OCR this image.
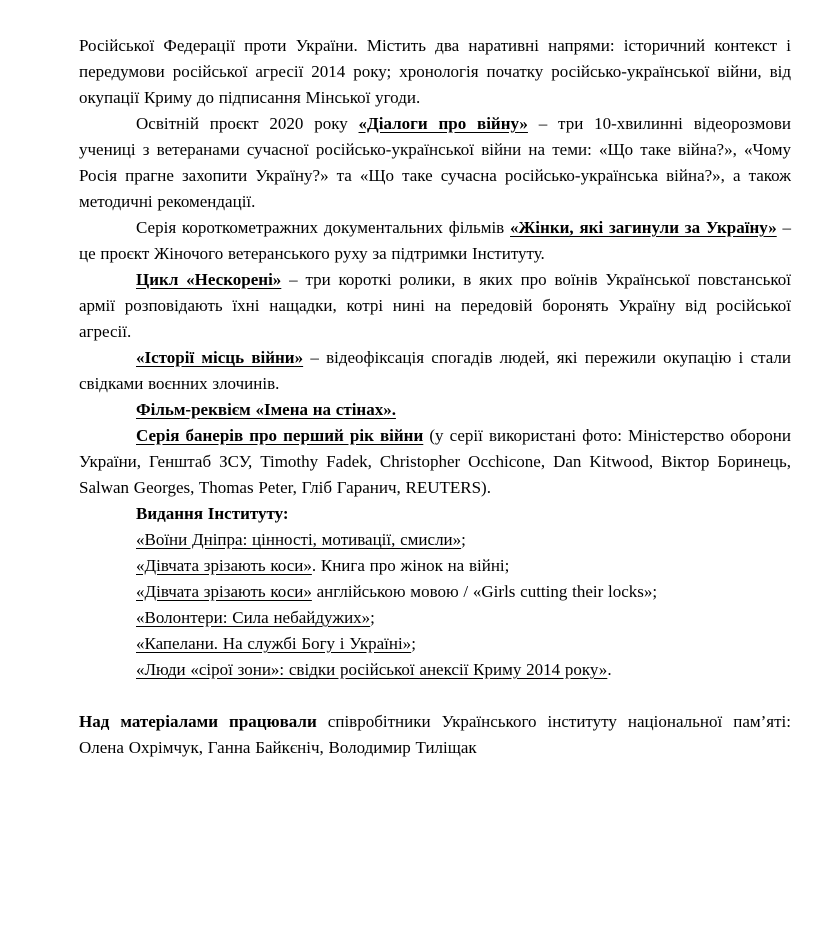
Російської Федерації проти України. Містить два наративні напрями: історичний контекст і передумови російської агресії 2014 року; хронологія початку російсько-української війни, від окупації Криму до підписання Мінської угоди.

Освітній проєкт 2020 року «Діалоги про війну» – три 10-хвилинні відеорозмови учениці з ветеранами сучасної російсько-української війни на теми: «Що таке війна?», «Чому Росія прагне захопити Україну?» та «Що таке сучасна російсько-українська війна?», а також методичні рекомендації.

Серія короткометражних документальних фільмів «Жінки, які загинули за Україну» – це проєкт Жіночого ветеранського руху за підтримки Інституту.

Цикл «Нескорені» – три короткі ролики, в яких про воїнів Української повстанської армії розповідають їхні нащадки, котрі нині на передовій боронять Україну від російської агресії.

«Історії місць війни» – відеофіксація спогадів людей, які пережили окупацію і стали свідками воєнних злочинів.

Фільм-реквієм «Імена на стінах».

Серія банерів про перший рік війни (у серії використані фото: Міністерство оборони України, Генштаб ЗСУ, Timothy Fadek, Christopher Occhicone, Dan Kitwood, Віктор Боринець, Salwan Georges, Thomas Peter, Гліб Гаранич, REUTERS).

Видання Інституту:

«Воїни Дніпра: цінності, мотивації, смисли»;

«Дівчата зрізають коси». Книга про жінок на війні;

«Дівчата зрізають коси» англійською мовою / «Girls cutting their locks»;

«Волонтери: Сила небайдужих»;

«Капелани. На службі Богу і Україні»;

«Люди «сірої зони»: свідки російської анексії Криму 2014 року».

Над матеріалами працювали співробітники Українського інституту національної пам’яті: Олена Охрімчук, Ганна Байкєніч, Володимир Тиліщак
